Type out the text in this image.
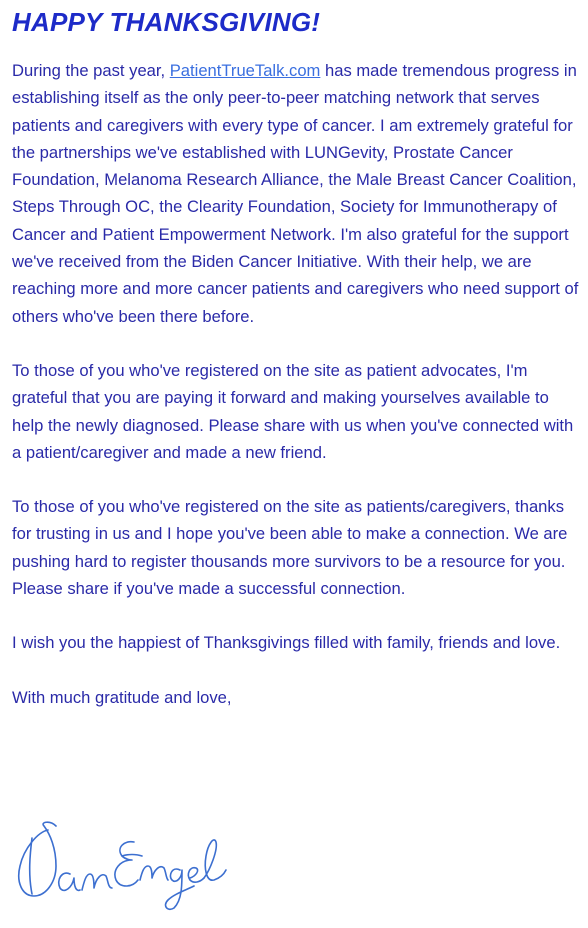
HAPPY THANKSGIVING!

During the past year, PatientTrueTalk.com has made tremendous progress in establishing itself as the only peer-to-peer matching network that serves patients and caregivers with every type of cancer. I am extremely grateful for the partnerships we've established with LUNGevity, Prostate Cancer Foundation, Melanoma Research Alliance, the Male Breast Cancer Coalition, Steps Through OC, the Clearity Foundation, Society for Immunotherapy of Cancer and Patient Empowerment Network. I'm also grateful for the support we've received from the Biden Cancer Initiative. With their help, we are reaching more and more cancer patients and caregivers who need support of others who've been there before.

To those of you who've registered on the site as patient advocates, I'm grateful that you are paying it forward and making yourselves available to help the newly diagnosed. Please share with us when you've connected with a patient/caregiver and made a new friend.

To those of you who've registered on the site as patients/caregivers, thanks for trusting in us and I hope you've been able to make a connection. We are pushing hard to register thousands more survivors to be a resource for you. Please share if you've made a successful connection.

I wish you the happiest of Thanksgivings filled with family, friends and love.

With much gratitude and love,
